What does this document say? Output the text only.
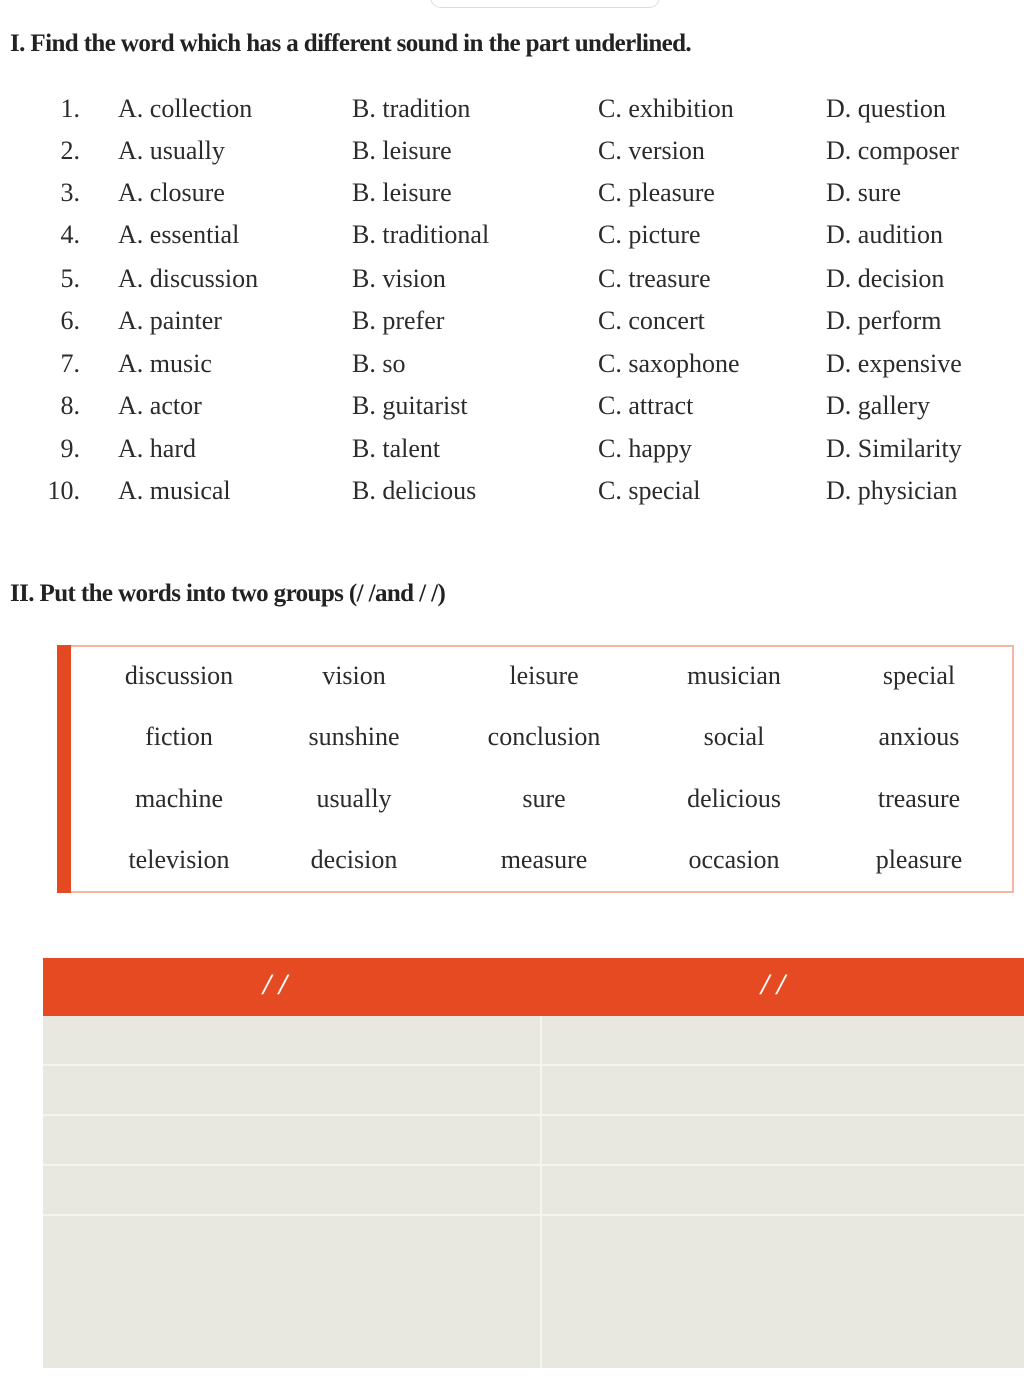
I. Find the word which has a different sound in the part underlined.
1. A. collection	B. tradition	C. exhibition	D. question
2. A. usually	B. leisure	C. version	D. composer
3. A. closure	B. leisure	C. pleasure	D. sure
4. A. essential	B. traditional	C. picture	D. audition
5. A. discussion	B. vision	C. treasure	D. decision
6. A. painter	B. prefer	C. concert	D. perform
7. A. music	B. so	C. saxophone	D. expensive
8. A. actor	B. guitarist	C. attract	D. gallery
9. A. hard	B. talent	C. happy	D. Similarity
10. A. musical	B. delicious	C. special	D. physician
II. Put the words into two groups (/ /and / /)
discussion	vision	leisure	musician	special
fiction	sunshine	conclusion	social	anxious
machine	usually	sure	delicious	treasure
television	decision	measure	occasion	pleasure
/ /	/ /
